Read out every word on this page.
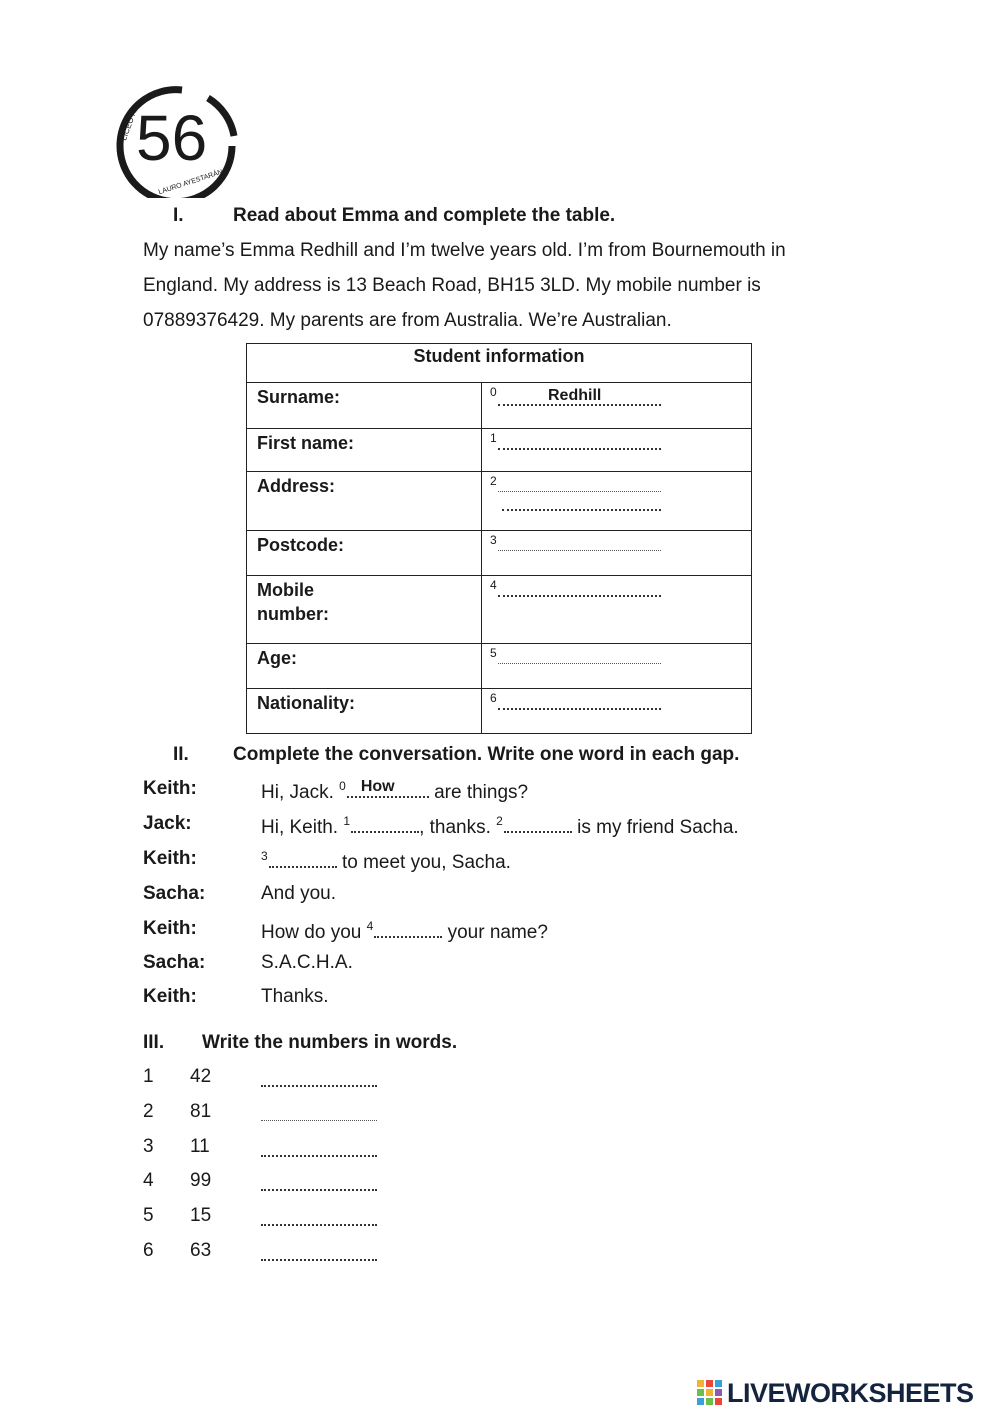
56
LICEO N°
LAURO AYESTARÁN
I.	Read about Emma and complete the table.
My name’s Emma Redhill and I’m twelve years old. I’m from Bournemouth in
England. My address is 13 Beach Road, BH15 3LD. My mobile number is
07889376429. My parents are from Australia. We’re Australian.
Student information	
Surname:	0 Redhill

First name:	1

Address:	2

Postcode:	3

Mobile
number:	4

Age:	5

Nationality:	6
II. Complete the conversation. Write one word in each gap.
Keith:	Hi, Jack. $^0$ How are things?
Jack:	Hi, Keith. $^1$	, thanks. $^2$	is my friend Sacha.
Keith:	$^3$	to meet you, Sacha.
Sacha:	And you.
Keith:	How do you $^4$	your name?
Sacha:	S.A.C.H.A.
Keith:	Thanks.
III. Write the numbers in words.
1 42
2 81
3 11
4 99
5 15
6 63
LIVEWORKSHEETS
